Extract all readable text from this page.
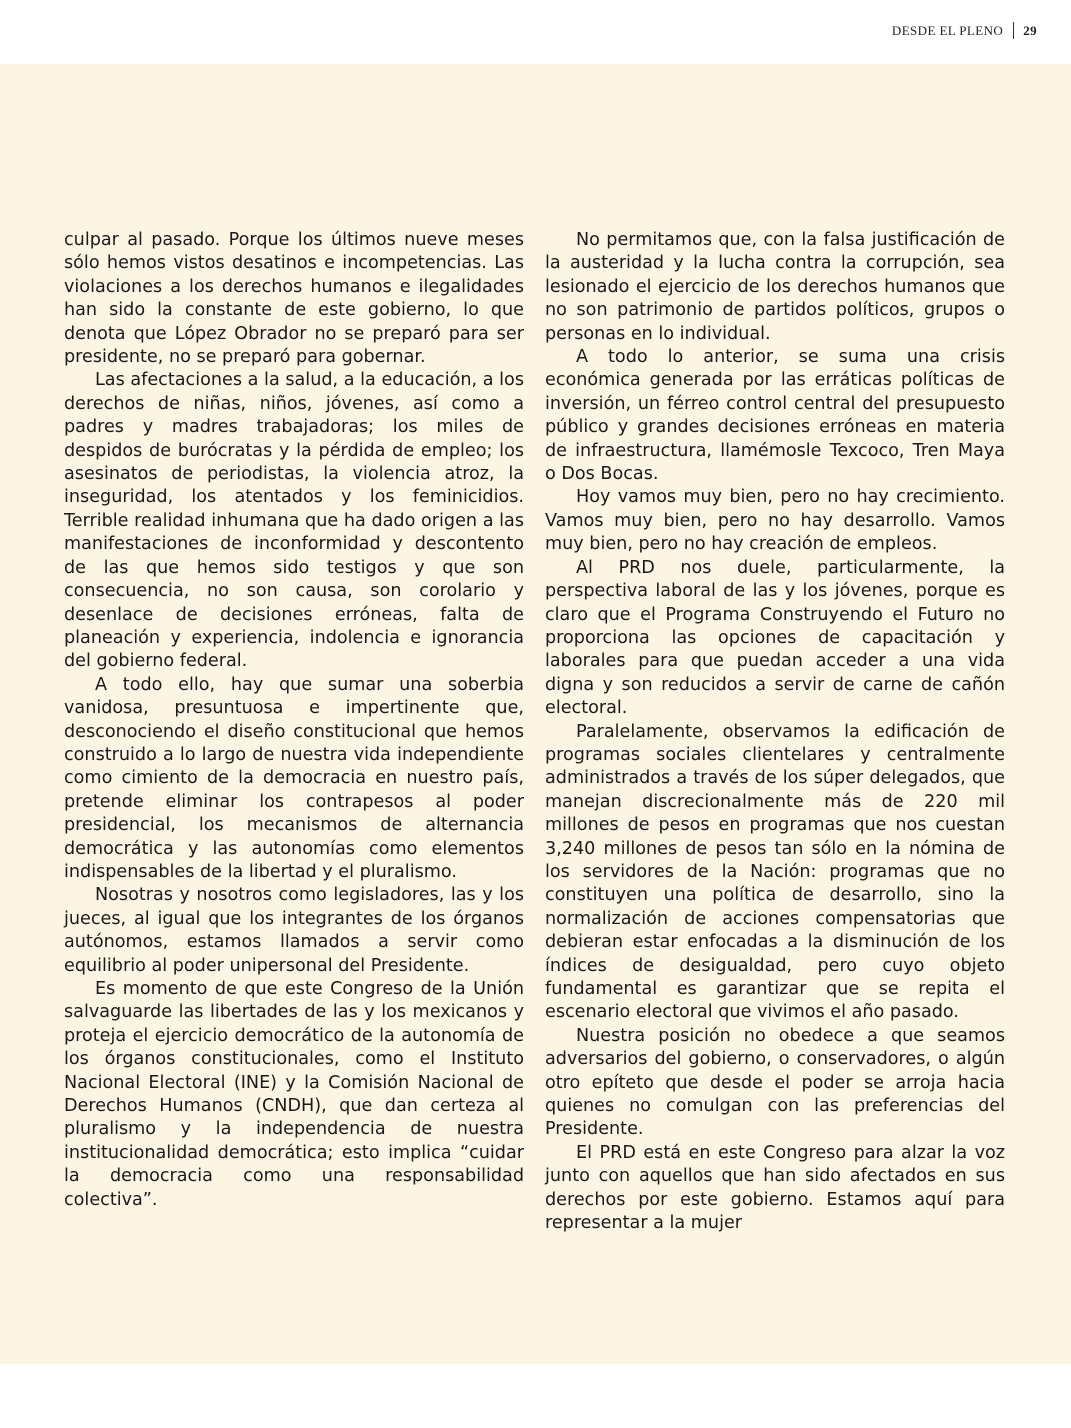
DESDE EL PLENO 29

culpar al pasado. Porque los últimos nueve meses sólo hemos vistos desatinos e incompetencias. Las violaciones a los derechos humanos e ilegalidades han sido la constante de este gobierno, lo que denota que López Obrador no se preparó para ser presidente, no se preparó para gobernar.

Las afectaciones a la salud, a la educación, a los derechos de niñas, niños, jóvenes, así como a padres y madres trabajadoras; los miles de despidos de burócratas y la pérdida de empleo; los asesinatos de periodistas, la violencia atroz, la inseguridad, los atentados y los feminicidios. Terrible realidad inhumana que ha dado origen a las manifestaciones de inconformidad y descontento de las que hemos sido testigos y que son consecuencia, no son causa, son corolario y desenlace de decisiones erróneas, falta de planeación y experiencia, indolencia e ignorancia del gobierno federal.

A todo ello, hay que sumar una soberbia vanidosa, presuntuosa e impertinente que, desconociendo el diseño constitucional que hemos construido a lo largo de nuestra vida independiente como cimiento de la democracia en nuestro país, pretende eliminar los contrapesos al poder presidencial, los mecanismos de alternancia democrática y las autonomías como elementos indispensables de la libertad y el pluralismo.

Nosotras y nosotros como legisladores, las y los jueces, al igual que los integrantes de los órganos autónomos, estamos llamados a servir como equilibrio al poder unipersonal del Presidente.

Es momento de que este Congreso de la Unión salvaguarde las libertades de las y los mexicanos y proteja el ejercicio democrático de la autonomía de los órganos constitucionales, como el Instituto Nacional Electoral (INE) y la Comisión Nacional de Derechos Humanos (CNDH), que dan certeza al pluralismo y la independencia de nuestra institucionalidad democrática; esto implica “cuidar la democracia como una responsabilidad colectiva”.

No permitamos que, con la falsa justificación de la austeridad y la lucha contra la corrupción, sea lesionado el ejercicio de los derechos humanos que no son patrimonio de partidos políticos, grupos o personas en lo individual.

A todo lo anterior, se suma una crisis económica generada por las erráticas políticas de inversión, un férreo control central del presupuesto público y grandes decisiones erróneas en materia de infraestructura, llamémosle Texcoco, Tren Maya o Dos Bocas.

Hoy vamos muy bien, pero no hay crecimiento. Vamos muy bien, pero no hay desarrollo. Vamos muy bien, pero no hay creación de empleos.

Al PRD nos duele, particularmente, la perspectiva laboral de las y los jóvenes, porque es claro que el Programa Construyendo el Futuro no proporciona las opciones de capacitación y laborales para que puedan acceder a una vida digna y son reducidos a servir de carne de cañón electoral.

Paralelamente, observamos la edificación de programas sociales clientelares y centralmente administrados a través de los súper delegados, que manejan discrecionalmente más de 220 mil millones de pesos en programas que nos cuestan 3,240 millones de pesos tan sólo en la nómina de los servidores de la Nación: programas que no constituyen una política de desarrollo, sino la normalización de acciones compensatorias que debieran estar enfocadas a la disminución de los índices de desigualdad, pero cuyo objeto fundamental es garantizar que se repita el escenario electoral que vivimos el año pasado.

Nuestra posición no obedece a que seamos adversarios del gobierno, o conservadores, o algún otro epíteto que desde el poder se arroja hacia quienes no comulgan con las preferencias del Presidente.

El PRD está en este Congreso para alzar la voz junto con aquellos que han sido afectados en sus derechos por este gobierno. Estamos aquí para representar a la mujer
